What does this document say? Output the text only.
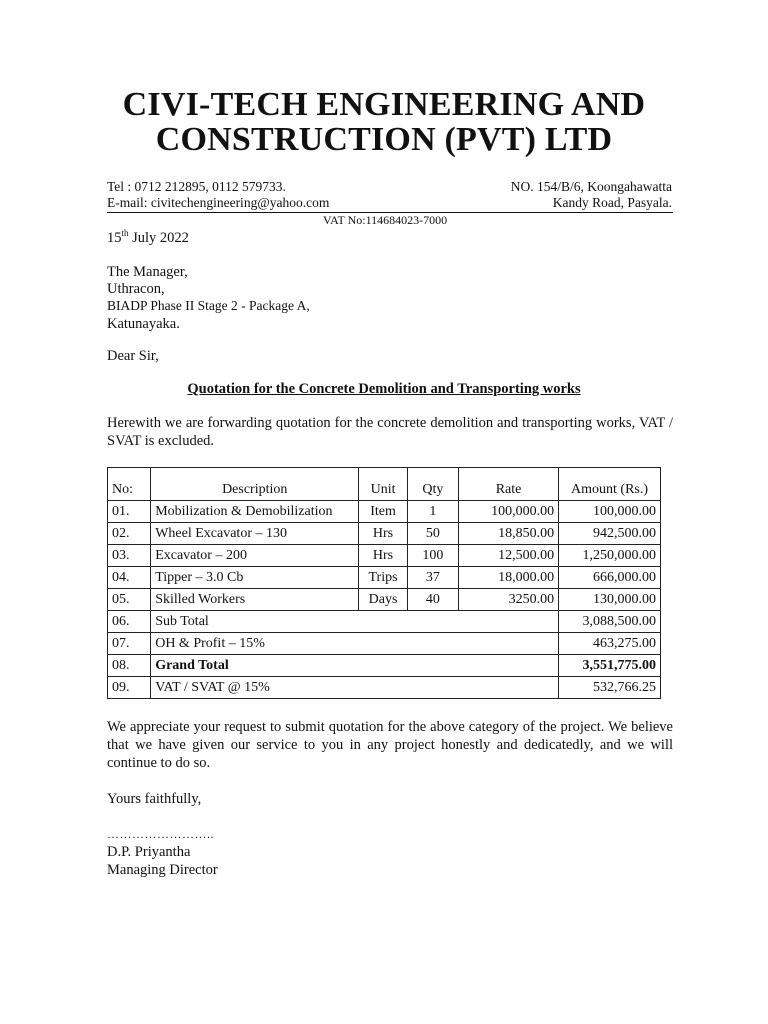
CIVI-TECH ENGINEERING AND
CONSTRUCTION (PVT) LTD
Tel : 0712 212895, 0112 579733.
E-mail: civitechengineering@yahoo.com
NO. 154/B/6, Koongahawatta
Kandy Road, Pasyala.
VAT No:114684023-7000
15th July 2022
The Manager,
Uthracon,
BIADP Phase II Stage 2 - Package A,
Katunayaka.
Dear Sir,
Quotation for the Concrete Demolition and Transporting works
Herewith we are forwarding quotation for the concrete demolition and transporting works, VAT / SVAT is excluded.
No:	Description	Unit	Qty	Rate	Amount (Rs.)
01.	Mobilization & Demobilization	Item	1	100,000.00	100,000.00
02.	Wheel Excavator – 130	Hrs	50	18,850.00	942,500.00
03.	Excavator – 200	Hrs	100	12,500.00	1,250,000.00
04.	Tipper – 3.0 Cb	Trips	37	18,000.00	666,000.00
05.	Skilled Workers	Days	40	3250.00	130,000.00
06.	Sub Total				3,088,500.00
07.	OH & Profit – 15%				463,275.00
08.	Grand Total				3,551,775.00
09.	VAT / SVAT @ 15%				532,766.25
We appreciate your request to submit quotation for the above category of the project. We believe that we have given our service to you in any project honestly and dedicatedly, and we will continue to do so.
Yours faithfully,
……………………..
D.P. Priyantha
Managing Director
